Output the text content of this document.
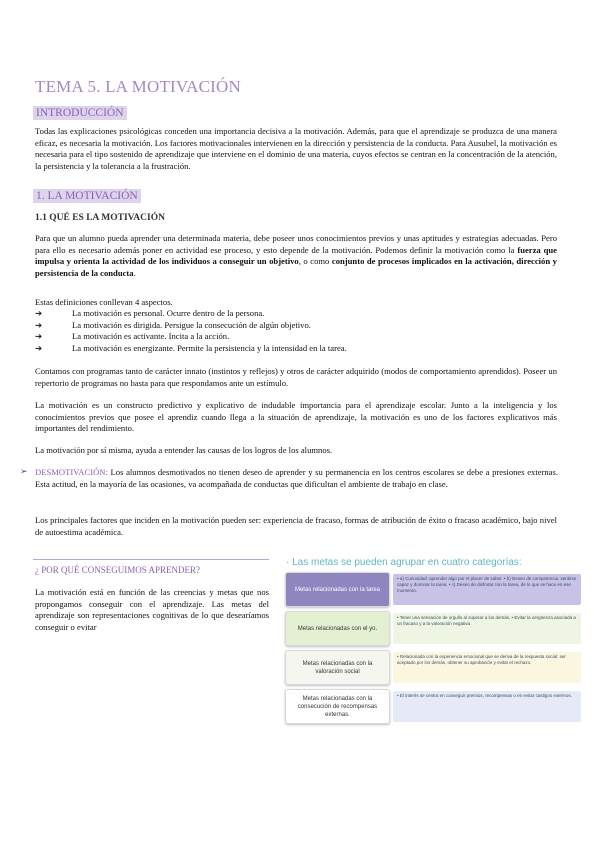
TEMA 5. LA MOTIVACIÓN
INTRODUCCIÓN

Todas las explicaciones psicológicas conceden una importancia decisiva a la motivación. Además, para que el aprendizaje se produzca de una manera eficaz, es necesaria la motivación. Los factores motivacionales intervienen en la dirección y persistencia de la conducta. Para Ausubel, la motivación es necesaria para el tipo sostenido de aprendizaje que interviene en el dominio de una materia, cuyos efectos se centran en la concentración de la atención, la persistencia y la tolerancia a la frustración.

1. LA MOTIVACIÓN
1.1 QUÉ ES LA MOTIVACIÓN

Para que un alumno pueda aprender una determinada materia, debe poseer unos conocimientos previos y unas aptitudes y estrategias adecuadas. Pero para ello es necesario además poner en actividad ese proceso, y esto depende de la motivación. Podemos definir la motivación como la fuerza que impulsa y orienta la actividad de los individuos a conseguir un objetivo, o como conjunto de procesos implicados en la activación, dirección y persistencia de la conducta.

Estas definiciones conllevan 4 aspectos.
➔	La motivación es personal. Ocurre dentro de la persona.
➔	La motivación es dirigida. Persigue la consecución de algún objetivo.
➔	La motivación es activante. Incita a la acción.
➔	La motivación es energizante. Permite la persistencia y la intensidad en la tarea.

Contamos con programas tanto de carácter innato (instintos y reflejos) y otros de carácter adquirido (modos de comportamiento aprendidos). Poseer un repertorio de programas no basta para que respondamos ante un estímulo.

La motivación es un constructo predictivo y explicativo de indudable importancia para el aprendizaje escolar. Junto a la inteligencia y los conocimientos previos que posee el aprendiz cuando llega a la situación de aprendizaje, la motivación es uno de los factores explicativos más importantes del rendimiento.

La motivación por sí misma, ayuda a entender las causas de los logros de los alumnos.

➢ DESMOTIVACIÓN: Los alumnos desmotivados no tienen deseo de aprender y su permanencia en los centros escolares se debe a presiones externas. Esta actitud, en la mayoría de las ocasiones, va acompañada de conductas que dificultan el ambiente de trabajo en clase.

Los principales factores que inciden en la motivación pueden ser: experiencia de fracaso, formas de atribución de éxito o fracaso académico, bajo nivel de autoestima académica.

¿ POR QUÉ CONSEGUIMOS APRENDER?

La motivación está en función de las creencias y metas que nos propongamos conseguir con el aprendizaje. Las metas del aprendizaje son representaciones cognitivas de lo que desearíamos conseguir o evitar

· Las metas se pueden agrupar en cuatro categorías:
Metas relacionadas con la tarea
• a) Curiosidad: aprender algo por el placer de saber. • b) Deseo de competencia: sentirse capaz y dominar la tarea. • c) Deseo de disfrutar con la tarea, de lo que se hace en ese momento.
Metas relacionadas con el yo.
• Tener una sensación de orgullo al superar a los demás. • Evitar la vergüenza asociada a un fracaso y a la valoración negativa.
Metas relacionadas con la valoración social
• Relacionada con la experiencia emocional que se deriva de la respuesta social: ser aceptado por los demás, obtener su aprobación y evitar el rechazo.
Metas relacionadas con la consecución de recompensas externas.
• El interés se centra en conseguir premios, recompensas o en evitar castigos externos.
